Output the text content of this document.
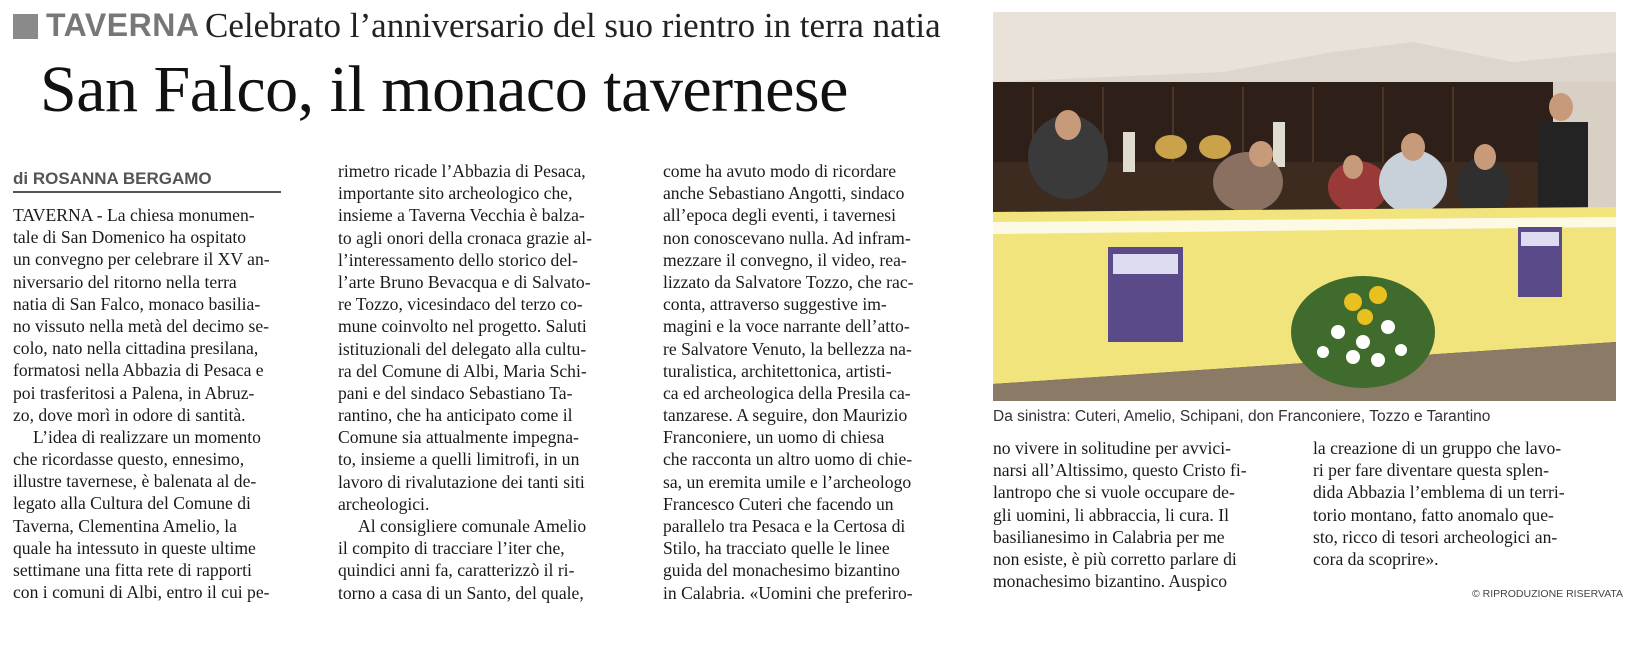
TAVERNA Celebrato l’anniversario del suo rientro in terra natia
San Falco, il monaco tavernese
di ROSANNA BERGAMO
TAVERNA - La chiesa monumen-
tale di San Domenico ha ospitato
un convegno per celebrare il XV an-
niversario del ritorno nella terra
natia di San Falco, monaco basilia-
no vissuto nella metà del decimo se-
colo, nato nella cittadina presilana,
formatosi nella Abbazia di Pesaca e
poi trasferitosi a Palena, in Abruz-
zo, dove morì in odore di santità.
L’idea di realizzare un momento
che ricordasse questo, ennesimo,
illustre tavernese, è balenata al de-
legato alla Cultura del Comune di
Taverna, Clementina Amelio, la
quale ha intessuto in queste ultime
settimane una fitta rete di rapporti
con i comuni di Albi, entro il cui pe-
rimetro ricade l’Abbazia di Pesaca,
importante sito archeologico che,
insieme a Taverna Vecchia è balza-
to agli onori della cronaca grazie al-
l’interessamento dello storico del-
l’arte Bruno Bevacqua e di Salvato-
re Tozzo, vicesindaco del terzo co-
mune coinvolto nel progetto. Saluti
istituzionali del delegato alla cultu-
ra del Comune di Albi, Maria Schi-
pani e del sindaco Sebastiano Ta-
rantino, che ha anticipato come il
Comune sia attualmente impegna-
to, insieme a quelli limitrofi, in un
lavoro di rivalutazione dei tanti siti
archeologici.
Al consigliere comunale Amelio
il compito di tracciare l’iter che,
quindici anni fa, caratterizzò il ri-
torno a casa di un Santo, del quale,
come ha avuto modo di ricordare
anche Sebastiano Angotti, sindaco
all’epoca degli eventi, i tavernesi
non conoscevano nulla. Ad infram-
mezzare il convegno, il video, rea-
lizzato da Salvatore Tozzo, che rac-
conta, attraverso suggestive im-
magini e la voce narrante dell’atto-
re Salvatore Venuto, la bellezza na-
turalistica, architettonica, artisti-
ca ed archeologica della Presila ca-
tanzarese. A seguire, don Maurizio
Franconiere, un uomo di chiesa
che racconta un altro uomo di chie-
sa, un eremita umile e l’archeologo
Francesco Cuteri che facendo un
parallelo tra Pesaca e la Certosa di
Stilo, ha tracciato quelle le linee
guida del monachesimo bizantino
in Calabria. «Uomini che preferiro-
no vivere in solitudine per avvici-
narsi all’Altissimo, questo Cristo fi-
lantropo che si vuole occupare de-
gli uomini, li abbraccia, li cura. Il
basilianesimo in Calabria per me
non esiste, è più corretto parlare di
monachesimo bizantino. Auspico
la creazione di un gruppo che lavo-
ri per fare diventare questa splen-
dida Abbazia l’emblema di un terri-
torio montano, fatto anomalo que-
sto, ricco di tesori archeologici an-
cora da scoprire».
Da sinistra: Cuteri, Amelio, Schipani, don Franconiere, Tozzo e Tarantino
© RIPRODUZIONE RISERVATA
